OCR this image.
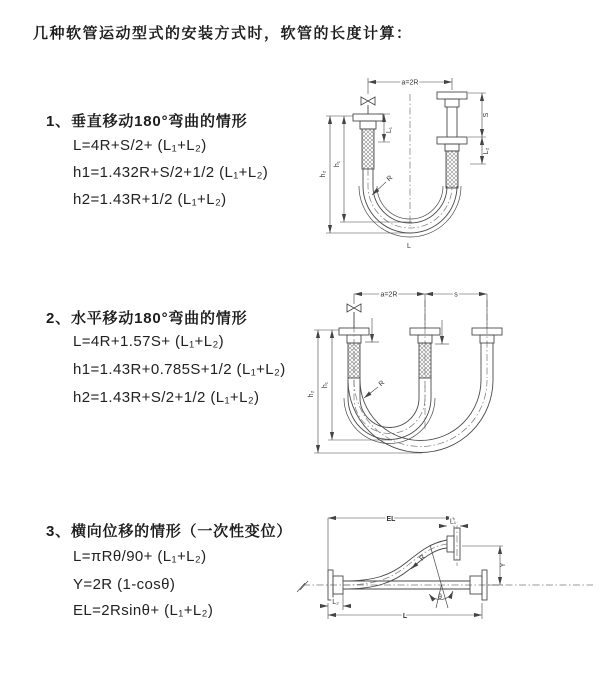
几种软管运动型式的安装方式时，软管的长度计算：
1、垂直移动180°弯曲的情形
L=4R+S/2+ (L₁+L₂)
h1=1.432R+S/2+1/2 (L₁+L₂)
h2=1.43R+1/2 (L₁+L₂)
2、水平移动180°弯曲的情形
L=4R+1.57S+ (L₁+L₂)
h1=1.43R+0.785S+1/2 (L₁+L₂)
h2=1.43R+S/2+1/2 (L₁+L₂)
3、横向位移的情形（一次性变位）
L=πRθ/90+ (L₁+L₂)
Y=2R (1-cosθ)
EL=2Rsinθ+ (L₁+L₂)
a=2R
L₁
S
L₂
h₁
h₂
R
L
a=2R	s
h₁
h₂
R
EL	L₁
Y
θ
R
L
L₂
